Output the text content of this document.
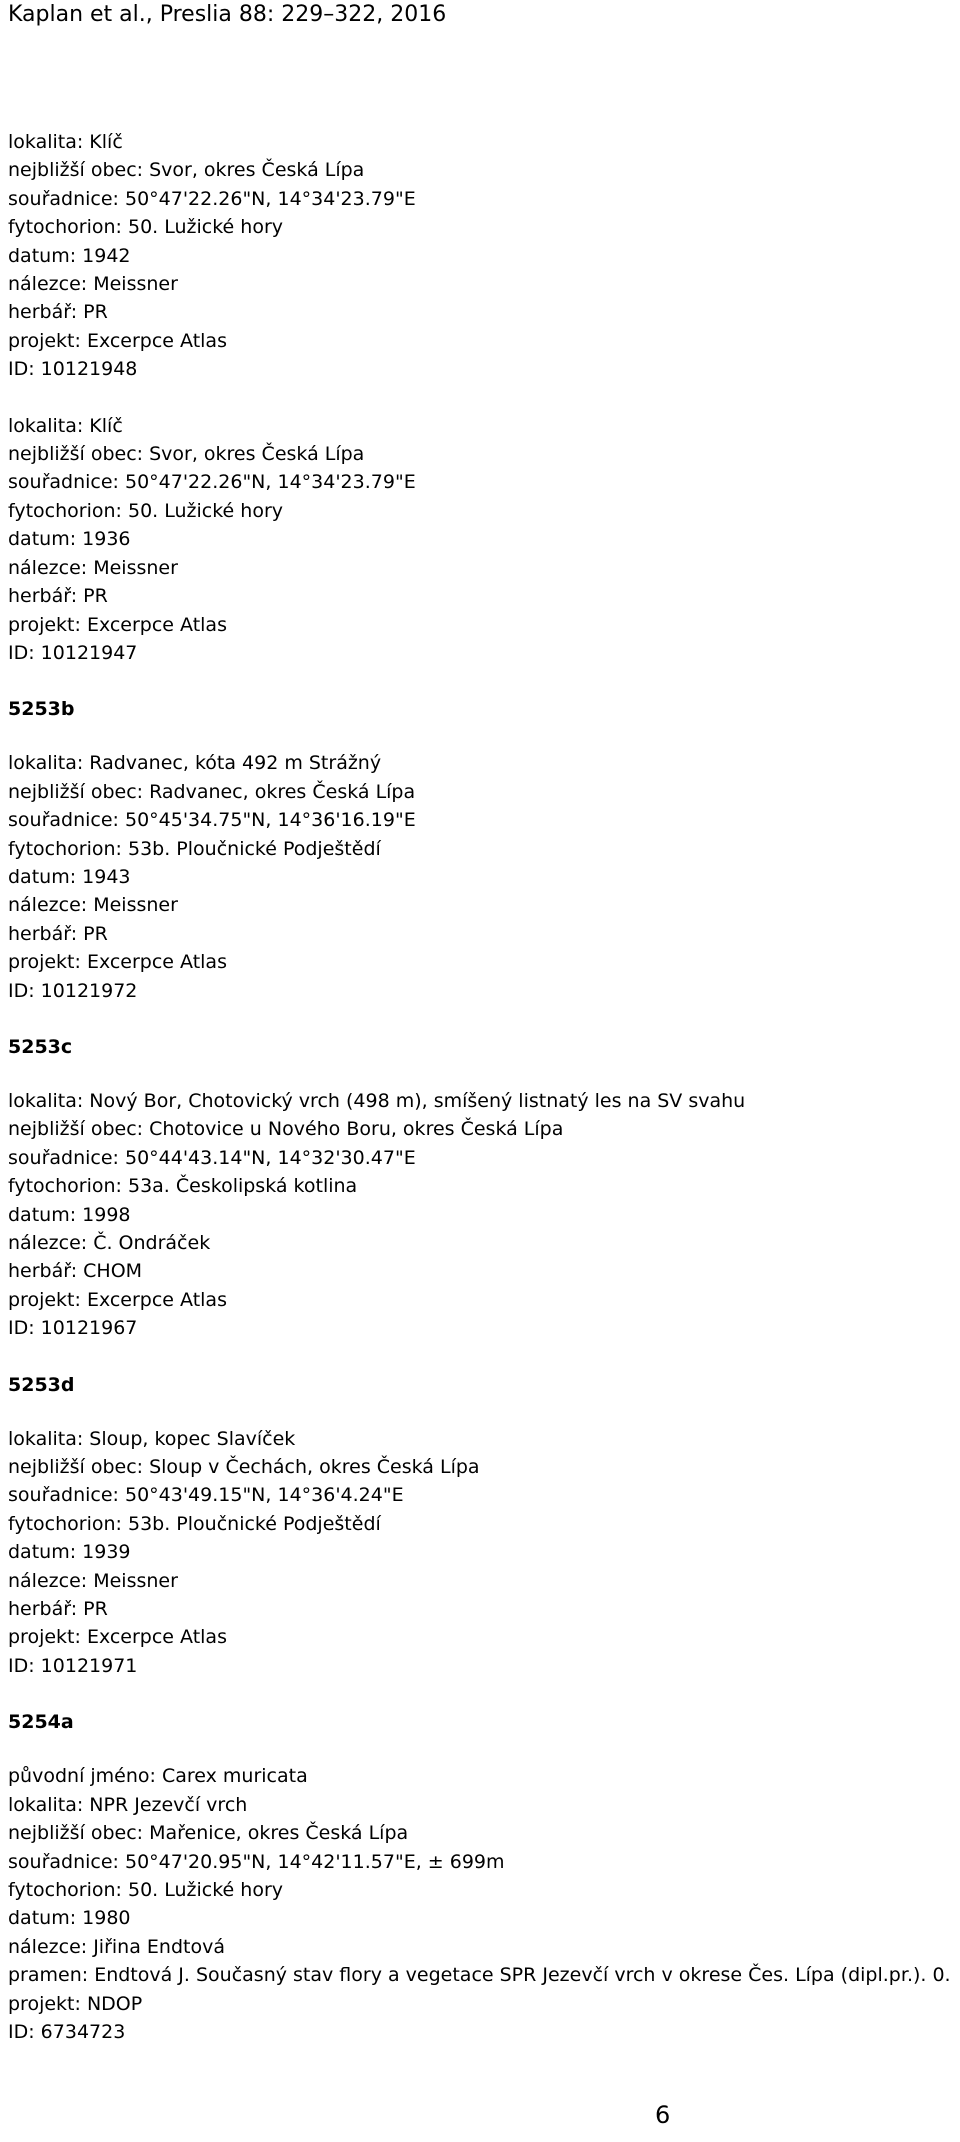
Kaplan et al., Preslia 88: 229–322, 2016
lokalita: Klíč
nejbližší obec: Svor, okres Česká Lípa
souřadnice: 50°47'22.26"N, 14°34'23.79"E
fytochorion: 50. Lužické hory
datum: 1942
nálezce: Meissner
herbář: PR
projekt: Excerpce Atlas
ID: 10121948
lokalita: Klíč
nejbližší obec: Svor, okres Česká Lípa
souřadnice: 50°47'22.26"N, 14°34'23.79"E
fytochorion: 50. Lužické hory
datum: 1936
nálezce: Meissner
herbář: PR
projekt: Excerpce Atlas
ID: 10121947
5253b
lokalita: Radvanec, kóta 492 m Strážný
nejbližší obec: Radvanec, okres Česká Lípa
souřadnice: 50°45'34.75"N, 14°36'16.19"E
fytochorion: 53b. Ploučnické Podještědí
datum: 1943
nálezce: Meissner
herbář: PR
projekt: Excerpce Atlas
ID: 10121972
5253c
lokalita: Nový Bor, Chotovický vrch (498 m), smíšený listnatý les na SV svahu
nejbližší obec: Chotovice u Nového Boru, okres Česká Lípa
souřadnice: 50°44'43.14"N, 14°32'30.47"E
fytochorion: 53a. Českolipská kotlina
datum: 1998
nálezce: Č. Ondráček
herbář: CHOM
projekt: Excerpce Atlas
ID: 10121967
5253d
lokalita: Sloup, kopec Slavíček
nejbližší obec: Sloup v Čechách, okres Česká Lípa
souřadnice: 50°43'49.15"N, 14°36'4.24"E
fytochorion: 53b. Ploučnické Podještědí
datum: 1939
nálezce: Meissner
herbář: PR
projekt: Excerpce Atlas
ID: 10121971
5254a
původní jméno: Carex muricata
lokalita: NPR Jezevčí vrch
nejbližší obec: Mařenice, okres Česká Lípa
souřadnice: 50°47'20.95"N, 14°42'11.57"E, ± 699m
fytochorion: 50. Lužické hory
datum: 1980
nálezce: Jiřina Endtová
pramen: Endtová J. Současný stav flory a vegetace SPR Jezevčí vrch v okrese Čes. Lípa (dipl.pr.). 0.
projekt: NDOP
ID: 6734723
6
